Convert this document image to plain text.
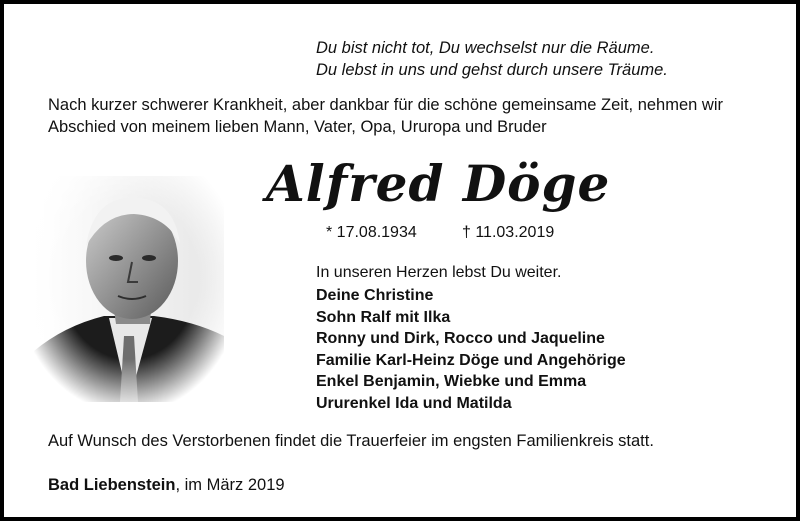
Du bist nicht tot, Du wechselst nur die Räume.
Du lebst in uns und gehst durch unsere Träume.
Nach kurzer schwerer Krankheit, aber dankbar für die schöne gemeinsame Zeit, nehmen wir
Abschied von meinem lieben Mann, Vater, Opa, Ururopa und Bruder
Alfred Döge
* 17.08.1934	† 11.03.2019
In unseren Herzen lebst Du weiter.
Deine Christine
Sohn Ralf mit Ilka
Ronny und Dirk, Rocco und Jaqueline
Familie Karl-Heinz Döge und Angehörige
Enkel Benjamin, Wiebke und Emma
Ururenkel Ida und Matilda
Auf Wunsch des Verstorbenen findet die Trauerfeier im engsten Familienkreis statt.
Bad Liebenstein, im März 2019
